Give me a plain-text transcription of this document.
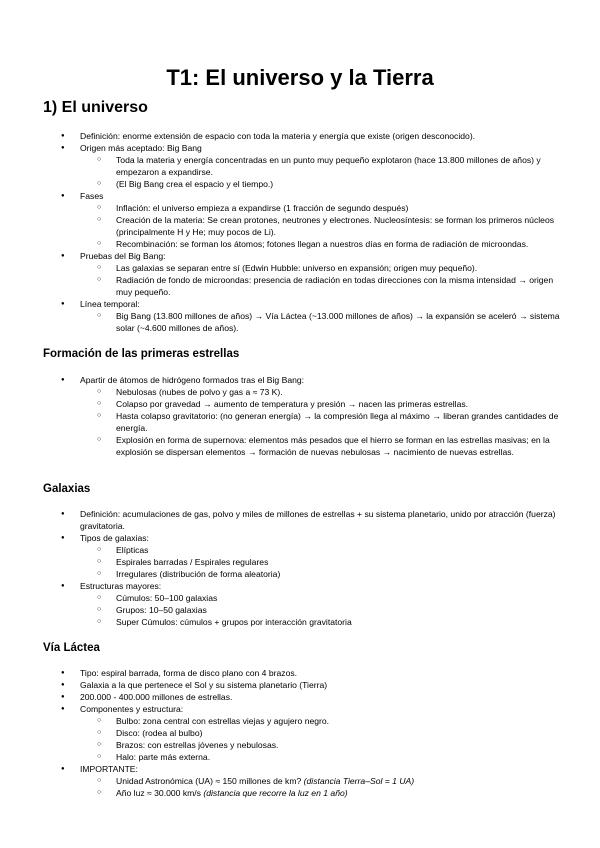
T1: El universo y la Tierra
1) El universo
● Definición: enorme extensión de espacio con toda la materia y energía que existe (origen desconocido).
● Origen más aceptado: Big Bang
○ Toda la materia y energía concentradas en un punto muy pequeño explotaron (hace 13.800 millones de años) y empezaron a expandirse.
○ (El Big Bang crea el espacio y el tiempo.)
● Fases
○ Inflación: el universo empieza a expandirse (1 fracción de segundo después)
○ Creación de la materia: Se crean protones, neutrones y electrones. Nucleosíntesis: se forman los primeros núcleos (principalmente H y He; muy pocos de Li).
○ Recombinación: se forman los átomos; fotones llegan a nuestros días en forma de radiación de microondas.
● Pruebas del Big Bang:
○ Las galaxias se separan entre sí (Edwin Hubble: universo en expansión; origen muy pequeño).
○ Radiación de fondo de microondas: presencia de radiación en todas direcciones con la misma intensidad → origen muy pequeño.
● Línea temporal:
○ Big Bang (13.800 millones de años) → Vía Láctea (~13.000 millones de años) → la expansión se aceleró → sistema solar (~4.600 millones de años).
Formación de las primeras estrellas
● Apartir de átomos de hidrógeno formados tras el Big Bang:
○ Nebulosas (nubes de polvo y gas a ≈ 73 K).
○ Colapso por gravedad → aumento de temperatura y presión → nacen las primeras estrellas.
○ Hasta colapso gravitatorio: (no generan energía) → la compresión llega al máximo → liberan grandes cantidades de energía.
○ Explosión en forma de supernova: elementos más pesados que el hierro se forman en las estrellas masivas; en la explosión se dispersan elementos → formación de nuevas nebulosas → nacimiento de nuevas estrellas.
Galaxias
● Definición: acumulaciones de gas, polvo y miles de millones de estrellas + su sistema planetario, unido por atracción (fuerza) gravitatoria.
● Tipos de galaxias:
○ Elípticas
○ Espirales barradas / Espirales regulares
○ Irregulares (distribución de forma aleatoria)
● Estructuras mayores:
○ Cúmulos: 50–100 galaxias
○ Grupos: 10–50 galaxias
○ Super Cúmulos: cúmulos + grupos por interacción gravitatoria
Vía Láctea
● Tipo: espiral barrada, forma de disco plano con 4 brazos.
● Galaxia a la que pertenece el Sol y su sistema planetario (Tierra)
● 200.000 - 400.000 millones de estrellas.
● Componentes y estructura:
○ Bulbo: zona central con estrellas viejas y agujero negro.
○ Disco: (rodea al bulbo)
○ Brazos: con estrellas jóvenes y nebulosas.
○ Halo: parte más externa.
● IMPORTANTE:
○ Unidad Astronómica (UA) ≈ 150 millones de km? (distancia Tierra–Sol = 1 UA)
○ Año luz ≈ 30.000 km/s (distancia que recorre la luz en 1 año)
